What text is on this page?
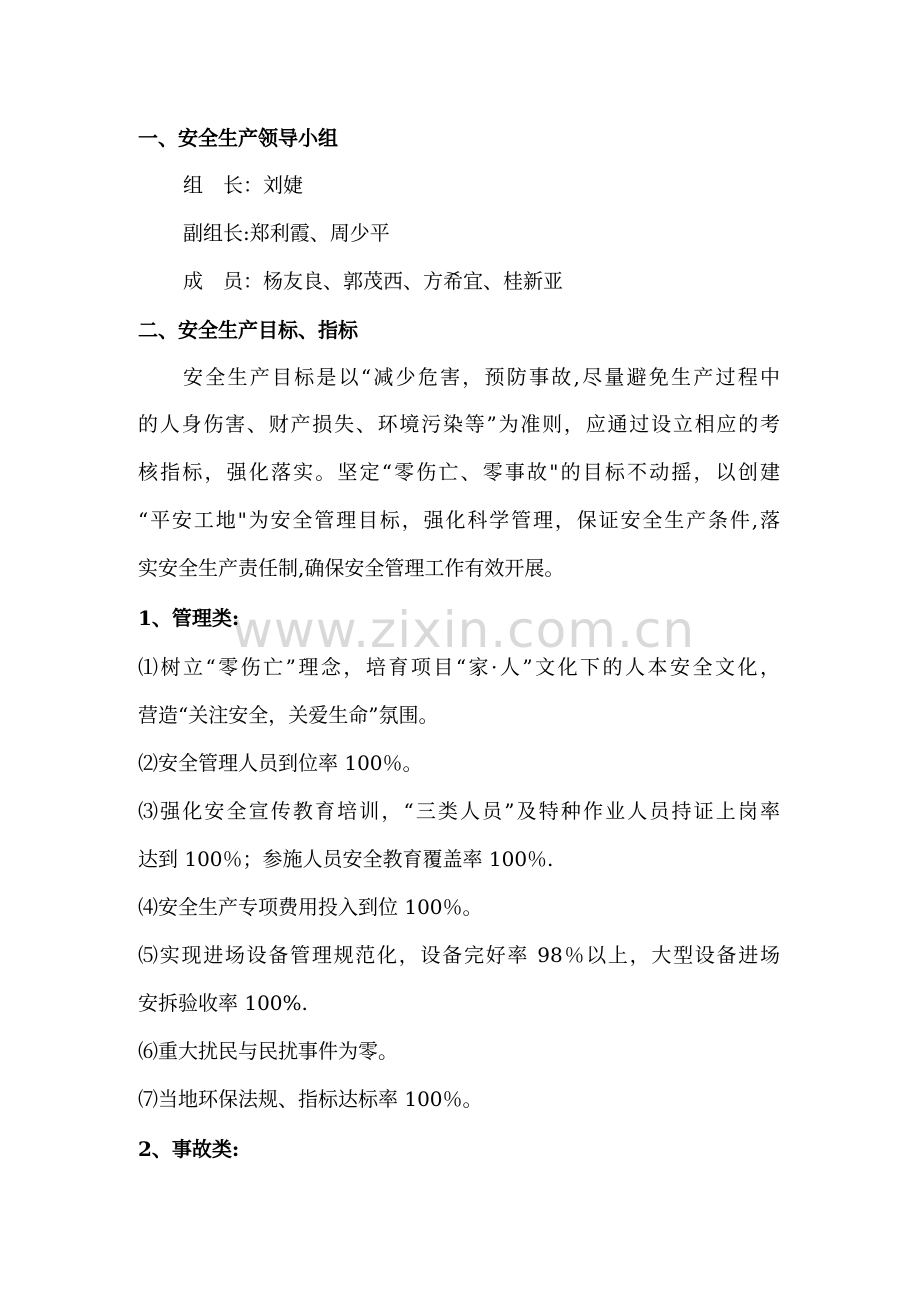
www.zixin.com.cn
一、安全生产领导小组
组　长：刘婕
副组长:郑利霞、周少平
成　员：杨友良、郭茂西、方希宜、桂新亚
二、安全生产目标、指标
安全生产目标是以“减少危害，预防事故,尽量避免生产过程中
的人身伤害、财产损失、环境污染等”为准则，应通过设立相应的考
核指标，强化落实。坚定“零伤亡、零事故"的目标不动摇，以创建
“平安工地"为安全管理目标，强化科学管理，保证安全生产条件,落
实安全生产责任制,确保安全管理工作有效开展。
1、管理类:
⑴树立“零伤亡”理念，培育项目“家·人”文化下的人本安全文化，
营造“关注安全，关爱生命”氛围。
⑵安全管理人员到位率 100％。
⑶强化安全宣传教育培训，“三类人员”及特种作业人员持证上岗率
达到 100％；参施人员安全教育覆盖率 100％.
⑷安全生产专项费用投入到位 100％。
⑸实现进场设备管理规范化，设备完好率 98％以上，大型设备进场
安拆验收率 100%.
⑹重大扰民与民扰事件为零。
⑺当地环保法规、指标达标率 100％。
2、事故类:
